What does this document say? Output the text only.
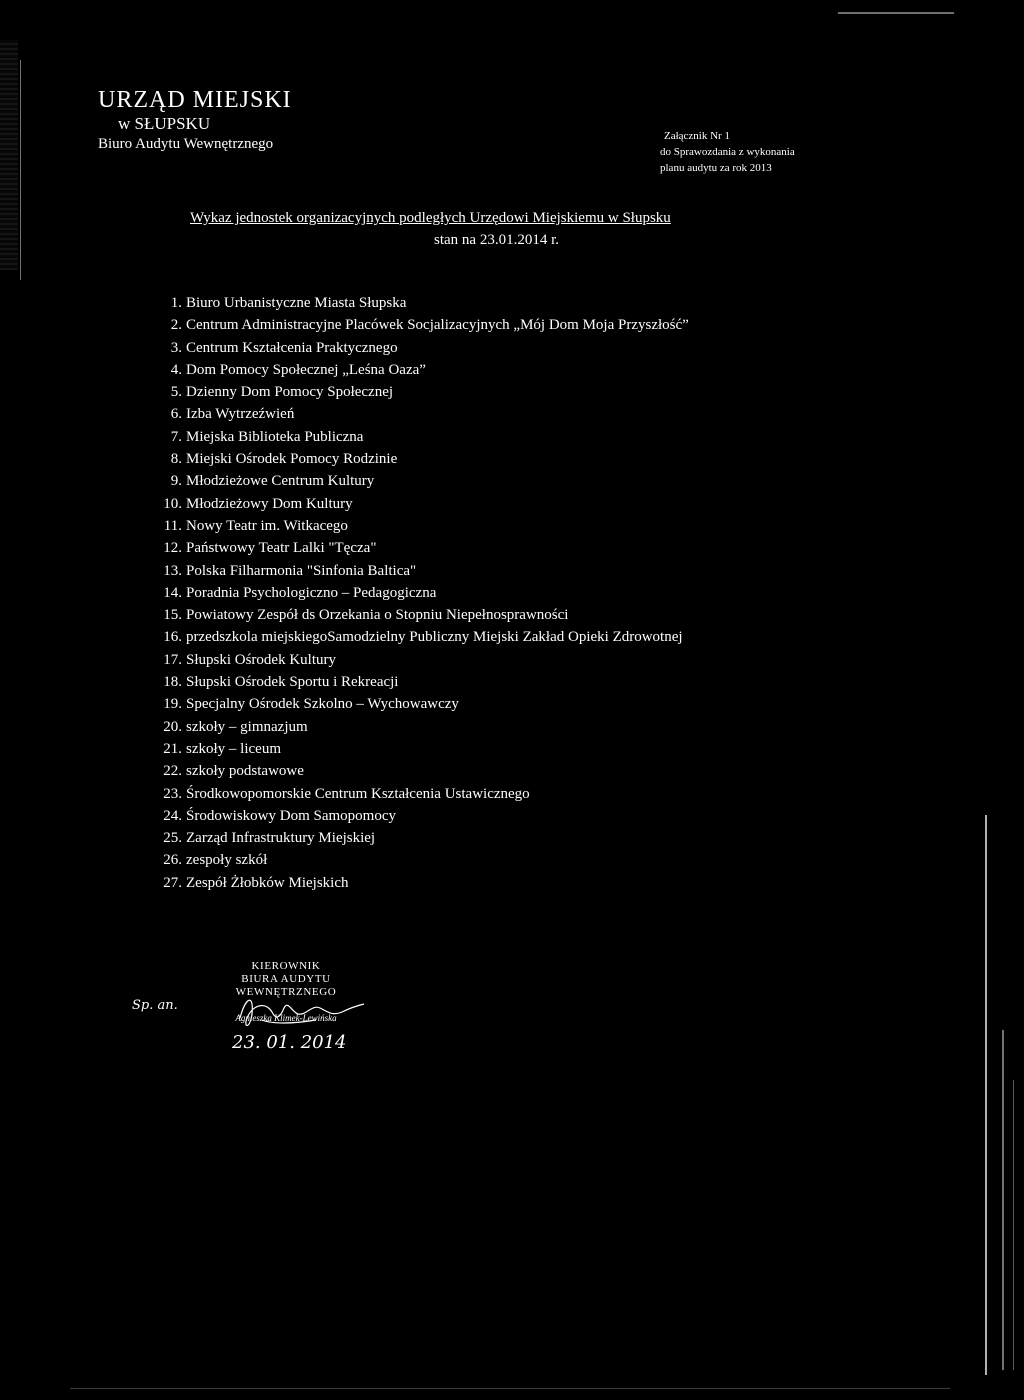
URZĄD MIEJSKI
w SŁUPSKU
Biuro Audytu Wewnętrznego	Załącznik Nr 1
do Sprawozdania z wykonania
planu audytu za rok 2013
Wykaz jednostek organizacyjnych podległych Urzędowi Miejskiemu w Słupsku
stan na 23.01.2014 r.
1. Biuro Urbanistyczne Miasta Słupska
2. Centrum Administracyjne Placówek Socjalizacyjnych „Mój Dom Moja Przyszłość”
3. Centrum Kształcenia Praktycznego
4. Dom Pomocy Społecznej „Leśna Oaza”
5. Dzienny Dom Pomocy Społecznej
6. Izba Wytrzeźwień
7. Miejska Biblioteka Publiczna
8. Miejski Ośrodek Pomocy Rodzinie
9. Młodzieżowe Centrum Kultury
10. Młodzieżowy Dom Kultury
11. Nowy Teatr im. Witkacego
12. Państwowy Teatr Lalki "Tęcza"
13. Polska Filharmonia "Sinfonia Baltica"
14. Poradnia Psychologiczno – Pedagogiczna
15. Powiatowy Zespół ds Orzekania o Stopniu Niepełnosprawności
16. przedszkola miejskiegoSamodzielny Publiczny Miejski Zakład Opieki Zdrowotnej
17. Słupski Ośrodek Kultury
18. Słupski Ośrodek Sportu i Rekreacji
19. Specjalny Ośrodek Szkolno – Wychowawczy
20. szkoły – gimnazjum
21. szkoły – liceum
22. szkoły podstawowe
23. Środkowopomorskie Centrum Kształcenia Ustawicznego
24. Środowiskowy Dom Samopomocy
25. Zarząd Infrastruktury Miejskiej
26. zespoły szkół
27. Zespół Żłobków Miejskich
KIEROWNIK
BIURA AUDYTU
WEWNĘTRZNEGO
Agnieszka Klimek-Lewińska
Sp. an.
23. 01. 2014
